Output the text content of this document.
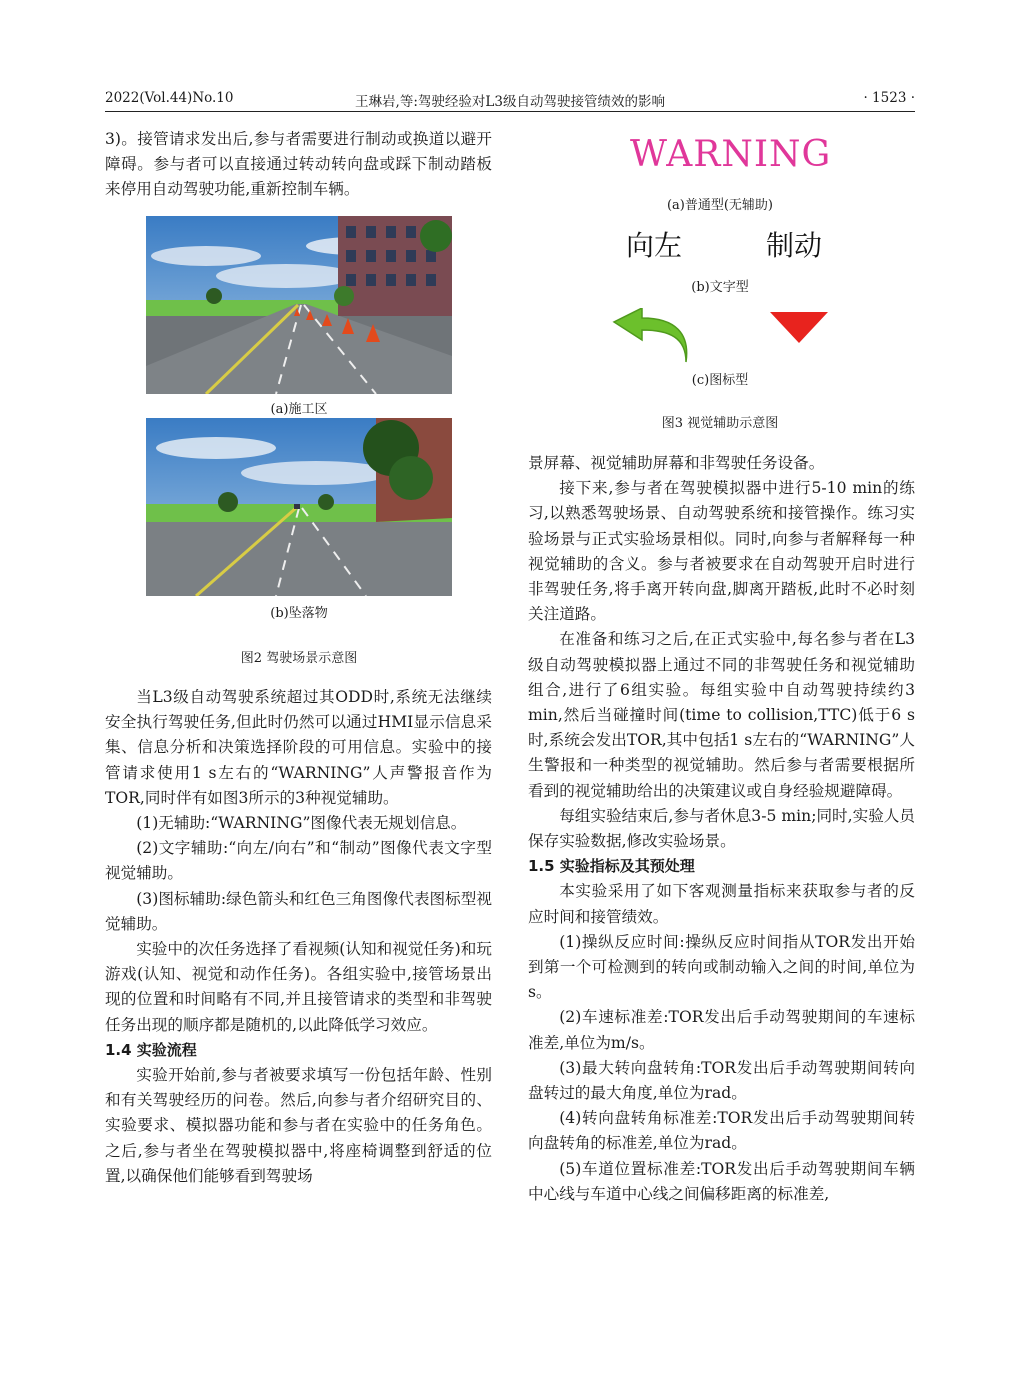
2022(Vol.44)No.10	王琳岩,等:驾驶经验对L3级自动驾驶接管绩效的影响	· 1523 ·

3)。接管请求发出后,参与者需要进行制动或换道以避开障碍。参与者可以直接通过转动转向盘或踩下制动踏板来停用自动驾驶功能,重新控制车辆。

(a)施工区
(b)坠落物
图2 驾驶场景示意图

当L3级自动驾驶系统超过其ODD时,系统无法继续安全执行驾驶任务,但此时仍然可以通过HMI显示信息采集、信息分析和决策选择阶段的可用信息。实验中的接管请求使用1 s左右的“WARNING”人声警报音作为TOR,同时伴有如图3所示的3种视觉辅助。

(1)无辅助:“WARNING”图像代表无规划信息。

(2)文字辅助:“向左/向右”和“制动”图像代表文字型视觉辅助。

(3)图标辅助:绿色箭头和红色三角图像代表图标型视觉辅助。

实验中的次任务选择了看视频(认知和视觉任务)和玩游戏(认知、视觉和动作任务)。各组实验中,接管场景出现的位置和时间略有不同,并且接管请求的类型和非驾驶任务出现的顺序都是随机的,以此降低学习效应。

1.4 实验流程

实验开始前,参与者被要求填写一份包括年龄、性别和有关驾驶经历的问卷。然后,向参与者介绍研究目的、实验要求、模拟器功能和参与者在实验中的任务角色。之后,参与者坐在驾驶模拟器中,将座椅调整到舒适的位置,以确保他们能够看到驾驶场

WARNING
(a)普通型(无辅助)
向左	制动
(b)文字型
(c)图标型
图3 视觉辅助示意图

景屏幕、视觉辅助屏幕和非驾驶任务设备。

接下来,参与者在驾驶模拟器中进行5-10 min的练习,以熟悉驾驶场景、自动驾驶系统和接管操作。练习实验场景与正式实验场景相似。同时,向参与者解释每一种视觉辅助的含义。参与者被要求在自动驾驶开启时进行非驾驶任务,将手离开转向盘,脚离开踏板,此时不必时刻关注道路。

在准备和练习之后,在正式实验中,每名参与者在L3级自动驾驶模拟器上通过不同的非驾驶任务和视觉辅助组合,进行了6组实验。每组实验中自动驾驶持续约3 min,然后当碰撞时间(time to collision,TTC)低于6 s时,系统会发出TOR,其中包括1 s左右的“WARNING”人生警报和一种类型的视觉辅助。然后参与者需要根据所看到的视觉辅助给出的决策建议或自身经验规避障碍。

每组实验结束后,参与者休息3-5 min;同时,实验人员保存实验数据,修改实验场景。

1.5 实验指标及其预处理

本实验采用了如下客观测量指标来获取参与者的反应时间和接管绩效。

(1)操纵反应时间:操纵反应时间指从TOR发出开始到第一个可检测到的转向或制动输入之间的时间,单位为s。

(2)车速标准差:TOR发出后手动驾驶期间的车速标准差,单位为m/s。

(3)最大转向盘转角:TOR发出后手动驾驶期间转向盘转过的最大角度,单位为rad。

(4)转向盘转角标准差:TOR发出后手动驾驶期间转向盘转角的标准差,单位为rad。

(5)车道位置标准差:TOR发出后手动驾驶期间车辆中心线与车道中心线之间偏移距离的标准差,
